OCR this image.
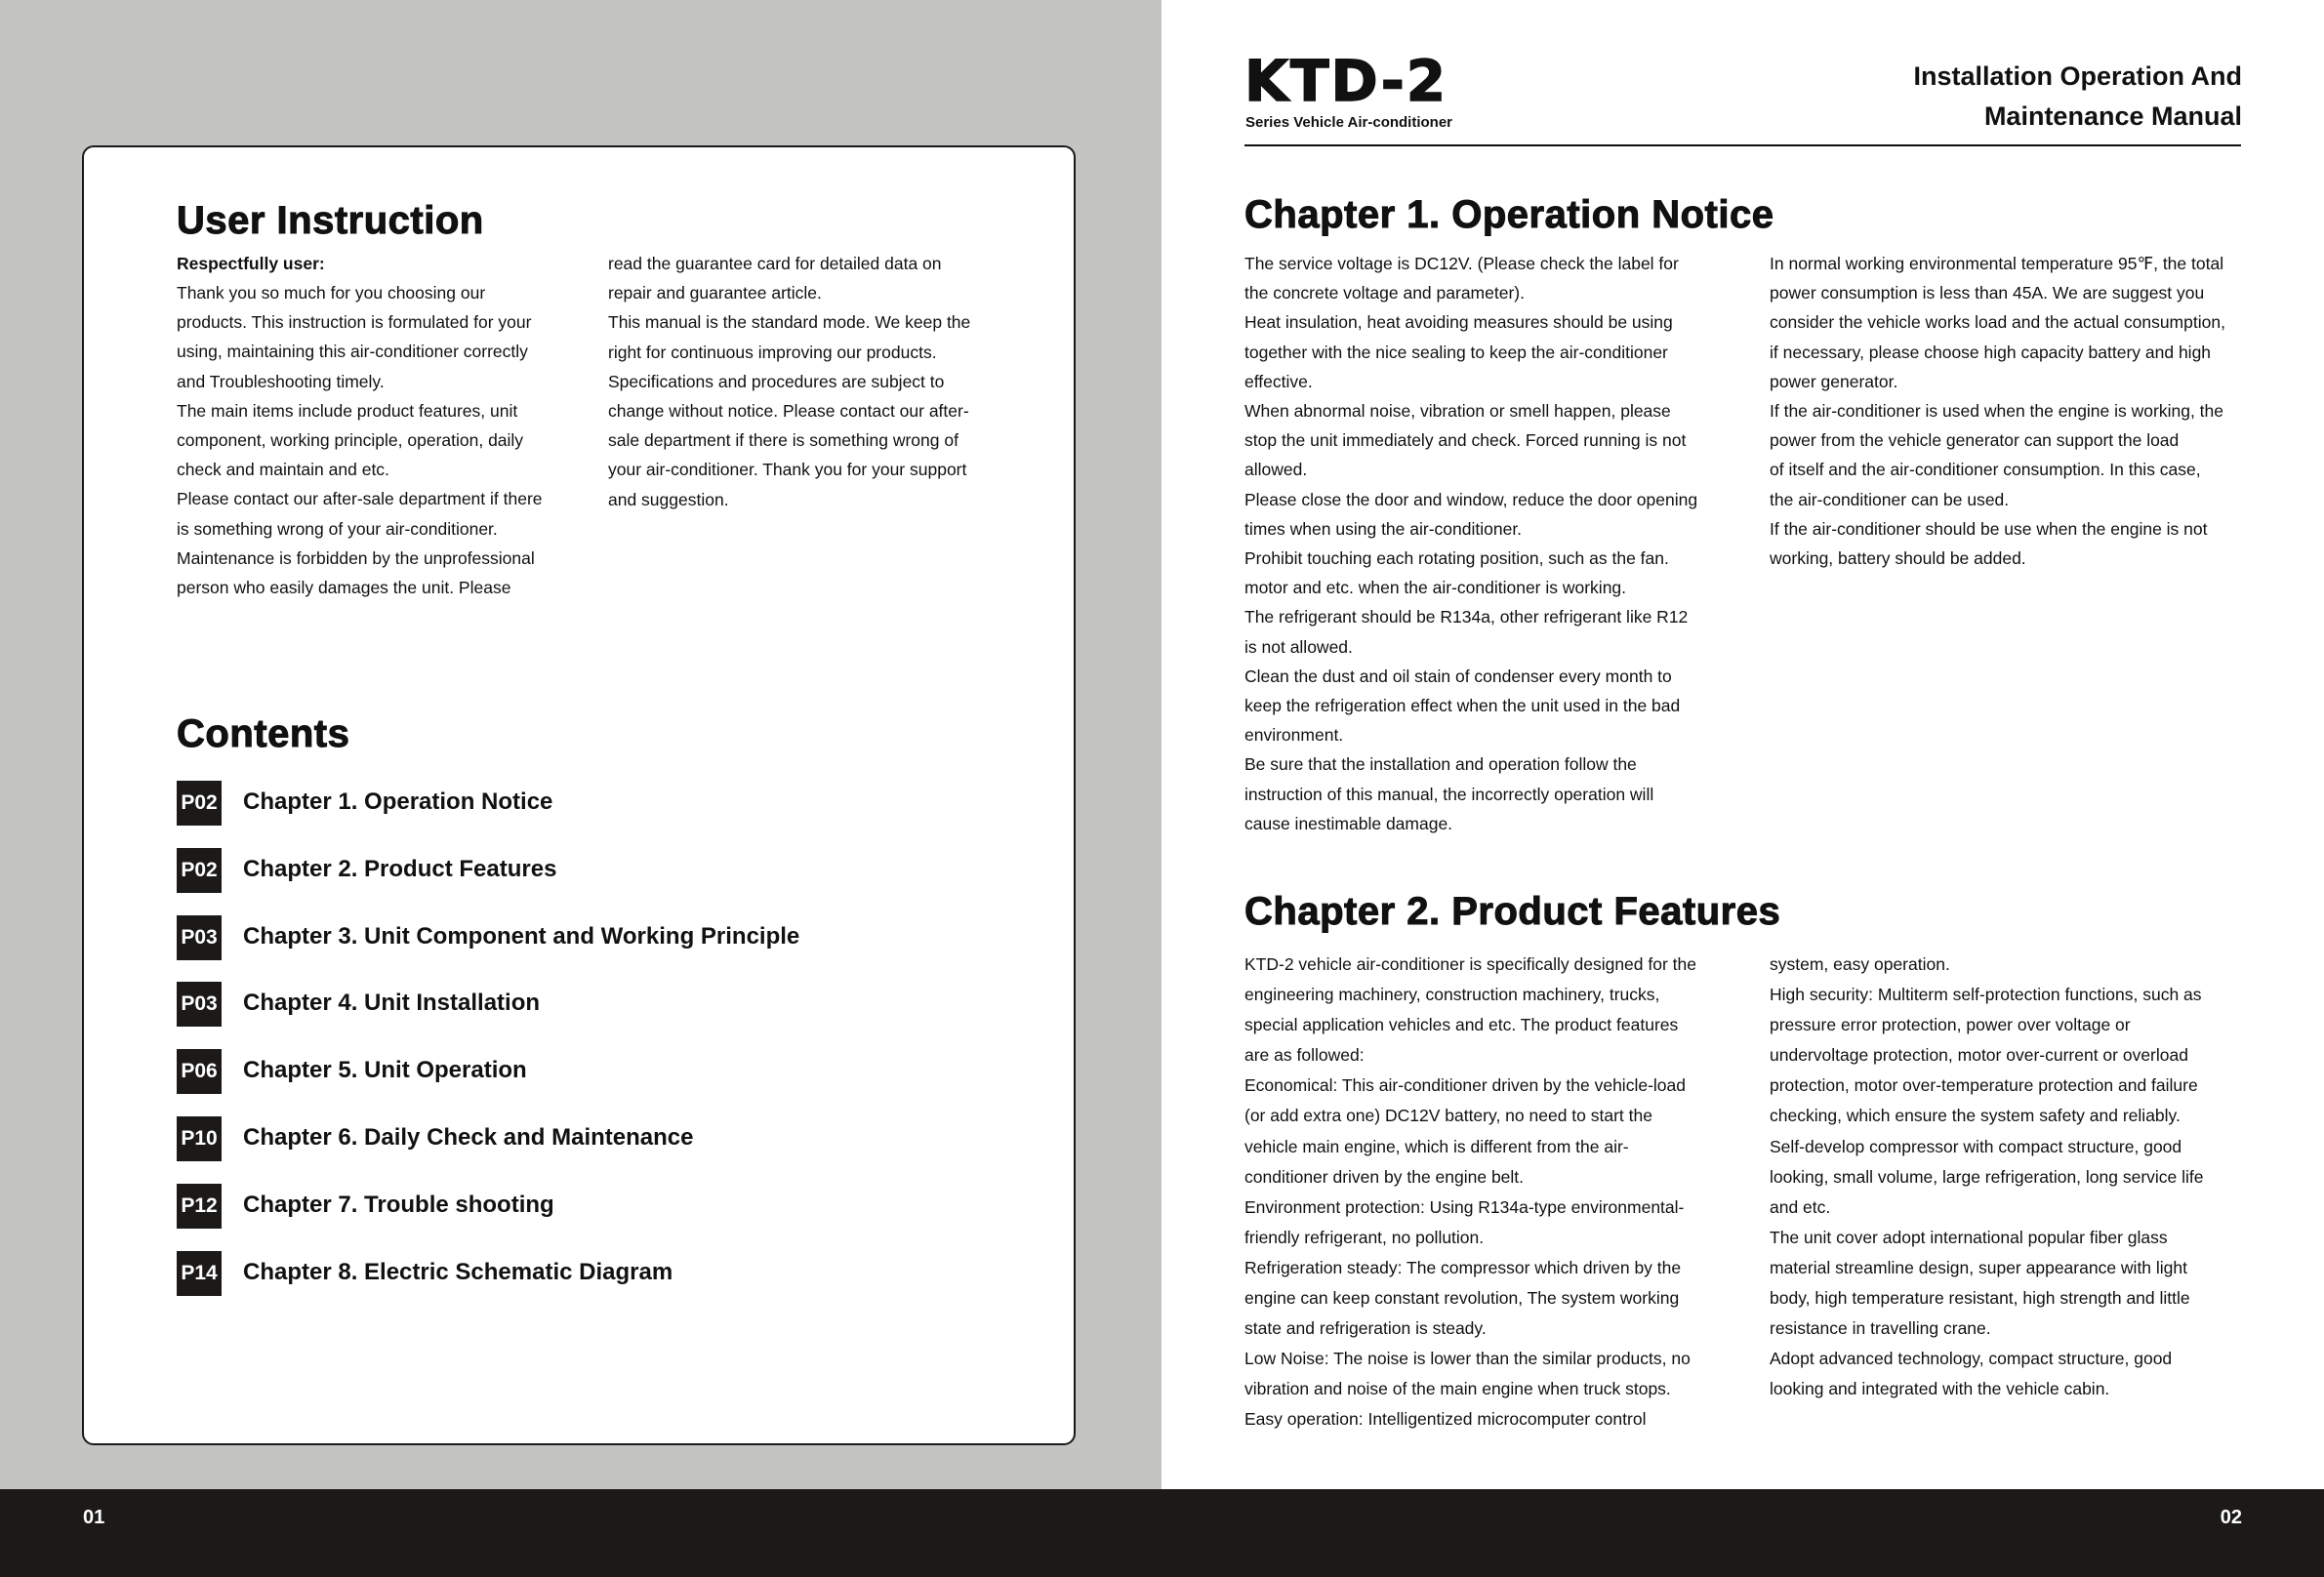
User Instruction
Respectfully user:
Thank you so much for you choosing our
products. This instruction is formulated for your
using, maintaining this air-conditioner correctly
and Troubleshooting timely.
The main items include product features, unit
component, working principle, operation, daily
check and maintain and etc.
Please contact our after-sale department if there
is something wrong of your air-conditioner.
Maintenance is forbidden by the unprofessional
person who easily damages the unit. Please
read the guarantee card for detailed data on
repair and guarantee article.
This manual is the standard mode. We keep the
right for continuous improving our products.
Specifications and procedures are subject to
change without notice. Please contact our after-
sale department if there is something wrong of
your air-conditioner. Thank you for your support
and suggestion.
Contents
P02 Chapter 1. Operation Notice
P02 Chapter 2. Product Features
P03 Chapter 3. Unit Component and Working Principle
P03 Chapter 4. Unit Installation
P06 Chapter 5. Unit Operation
P10 Chapter 6. Daily Check and Maintenance
P12 Chapter 7. Trouble shooting
P14 Chapter 8. Electric Schematic Diagram
KTD-2
Series Vehicle Air-conditioner
Installation Operation And
Maintenance Manual
Chapter 1. Operation Notice
The service voltage is DC12V. (Please check the label for
the concrete voltage and parameter).
Heat insulation, heat avoiding measures should be using
together with the nice sealing to keep the air-conditioner
effective.
When abnormal noise, vibration or smell happen, please
stop the unit immediately and check. Forced running is not
allowed.
Please close the door and window, reduce the door opening
times when using the air-conditioner.
Prohibit touching each rotating position, such as the fan.
motor and etc. when the air-conditioner is working.
The refrigerant should be R134a, other refrigerant like R12
is not allowed.
Clean the dust and oil stain of condenser every month to
keep the refrigeration effect when the unit used in the bad
environment.
Be sure that the installation and operation follow the
instruction of this manual, the incorrectly operation will
cause inestimable damage.
In normal working environmental temperature 95℉, the total
power consumption is less than 45A. We are suggest you
consider the vehicle works load and the actual consumption,
if necessary, please choose high capacity battery and high
power generator.
If the air-conditioner is used when the engine is working, the
power from the vehicle generator can support the load
of itself and the air-conditioner consumption. In this case,
the air-conditioner can be used.
If the air-conditioner should be use when the engine is not
working, battery should be added.
Chapter 2. Product Features
KTD-2 vehicle air-conditioner is specifically designed for the
engineering machinery, construction machinery, trucks,
special application vehicles and etc. The product features
are as followed:
Economical: This air-conditioner driven by the vehicle-load
(or add extra one) DC12V battery, no need to start the
vehicle main engine, which is different from the air-
conditioner driven by the engine belt.
Environment protection: Using R134a-type environmental-
friendly refrigerant, no pollution.
Refrigeration steady: The compressor which driven by the
engine can keep constant revolution, The system working
state and refrigeration is steady.
Low Noise: The noise is lower than the similar products, no
vibration and noise of the main engine when truck stops.
Easy operation: Intelligentized microcomputer control
system, easy operation.
High security: Multiterm self-protection functions, such as
pressure error protection, power over voltage or
undervoltage protection, motor over-current or overload
protection, motor over-temperature protection and failure
checking, which ensure the system safety and reliably.
Self-develop compressor with compact structure, good
looking, small volume, large refrigeration, long service life
and etc.
The unit cover adopt international popular fiber glass
material streamline design, super appearance with light
body, high temperature resistant, high strength and little
resistance in travelling crane.
Adopt advanced technology, compact structure, good
looking and integrated with the vehicle cabin.
01	02
